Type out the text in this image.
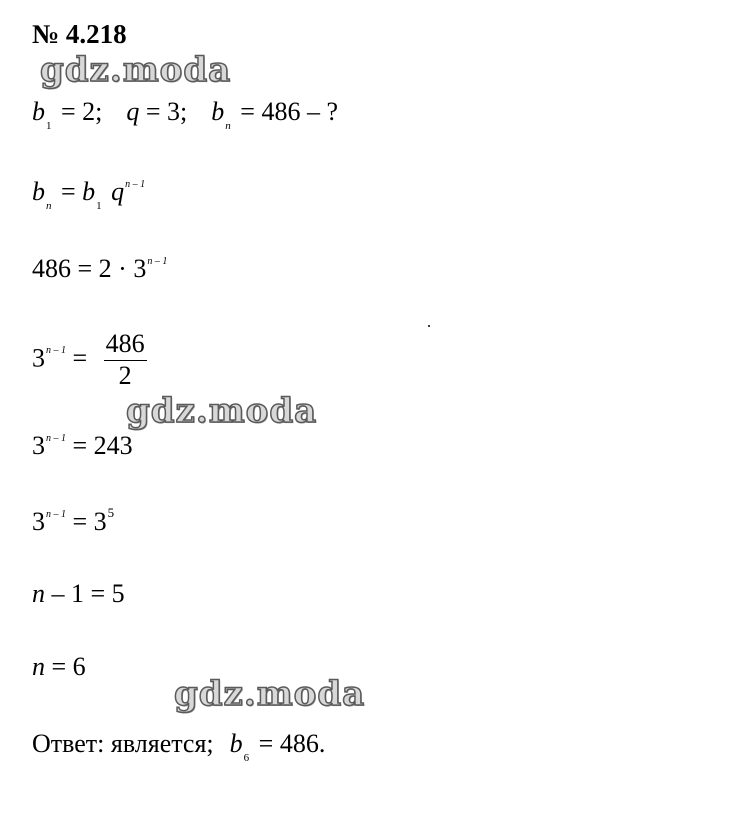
№ 4.218
gdz.moda
gdz.moda
gdz.moda
$b_1 = 2$; q = 3; $b_n = 486$ – ?
$b_n = b_1$ $q^{n - 1}$
$486 = 2 \cdot 3^{n - 1}$
$3^{n - 1} = \frac{486}{2}$
$3^{n - 1} = 243$
$3^{n - 1} = 3^5$
n – 1 = 5
n = 6
Ответ: является; $b_6 = 486$.
